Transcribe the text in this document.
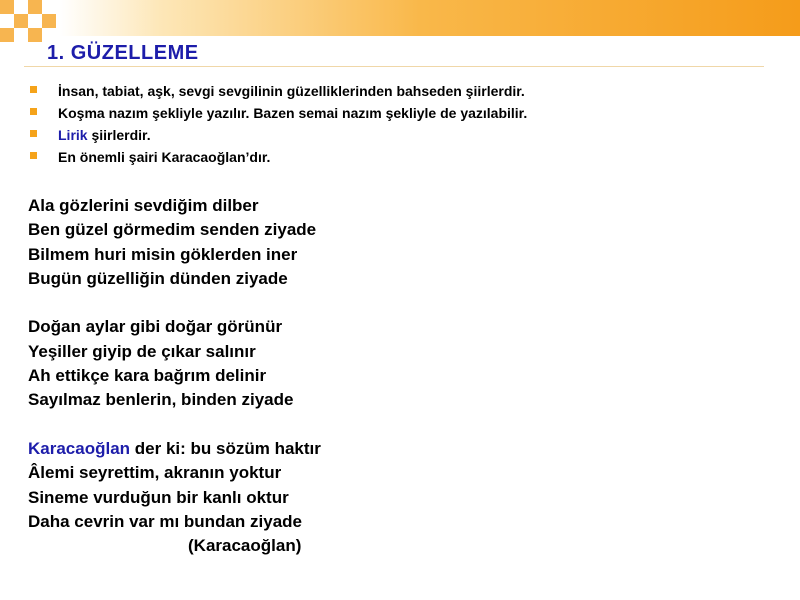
1. GÜZELLEME
İnsan, tabiat, aşk, sevgi sevgilinin güzelliklerinden bahseden şiirlerdir.
Koşma nazım şekliyle yazılır. Bazen semai nazım şekliyle de yazılabilir.
Lirik şiirlerdir.
En önemli şairi Karacaoğlan’dır.
Ala gözlerini sevdiğim dilber
Ben güzel görmedim senden ziyade
Bilmem huri misin göklerden iner
Bugün güzelliğin dünden ziyade
Doğan aylar gibi doğar görünür
Yeşiller giyip de çıkar salınır
Ah ettikçe kara bağrım delinir
Sayılmaz benlerin, binden ziyade
Karacaoğlan der ki: bu sözüm haktır
Âlemi seyrettim, akranın yoktur
Sineme vurduğun bir kanlı oktur
Daha cevrin var mı bundan ziyade
(Karacaoğlan)
